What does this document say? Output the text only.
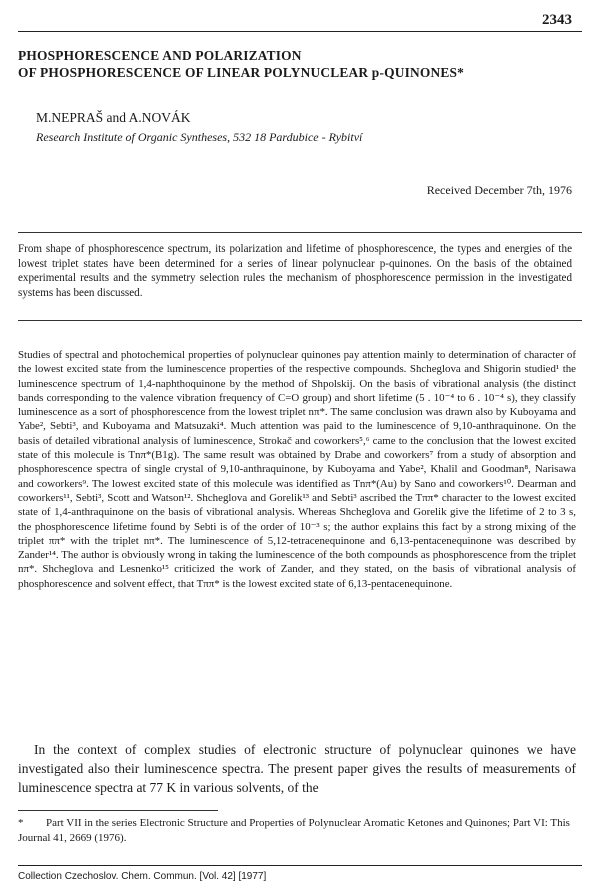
2343
PHOSPHORESCENCE AND POLARIZATION
OF PHOSPHORESCENCE OF LINEAR POLYNUCLEAR p-QUINONES*
M.NEPRAŠ and A.NOVÁK
Research Institute of Organic Syntheses, 532 18 Pardubice - Rybitví
Received December 7th, 1976

From shape of phosphorescence spectrum, its polarization and lifetime of phosphorescence, the types and energies of the lowest triplet states have been determined for a series of linear polynuclear p-quinones. On the basis of the obtained experimental results and the symmetry selection rules the mechanism of phosphorescence permission in the investigated systems has been discussed.

Studies of spectral and photochemical properties of polynuclear quinones pay attention mainly to determination of character of the lowest excited state from the luminescence properties of the respective compounds. Shcheglova and Shigorin studied¹ the luminescence spectrum of 1,4-naphthoquinone by the method of Shpolskij. On the basis of vibrational analysis (the distinct bands corresponding to the valence vibration frequency of C=O group) and short lifetime (5 . 10⁻⁴ to 6 . 10⁻⁴ s), they classify luminescence as a sort of phosphorescence from the lowest triplet nπ*. The same conclusion was drawn also by Kuboyama and Yabe², Sebti³, and Kuboyama and Matsuzaki⁴. Much attention was paid to the luminescence of 9,10-anthraquinone. On the basis of detailed vibrational analysis of luminescence, Strokač and coworkers⁵,⁶ came to the conclusion that the lowest excited state of this molecule is Tnπ*(B1g). The same result was obtained by Drabe and coworkers⁷ from a study of absorption and phosphorescence spectra of single crystal of 9,10-anthraquinone, by Kuboyama and Yabe², Khalil and Goodman⁸, Narisawa and coworkers⁹. The lowest excited state of this molecule was identified as Tnπ*(Au) by Sano and coworkers¹⁰. Dearman and coworkers¹¹, Sebti³, Scott and Watson¹². Shcheglova and Gorelik¹³ and Sebti³ ascribed the Tππ* character to the lowest excited state of 1,4-anthraquinone on the basis of vibrational analysis. Whereas Shcheglova and Gorelik give the lifetime of 2 to 3 s, the phosphorescence lifetime found by Sebti is of the order of 10⁻³ s; the author explains this fact by a strong mixing of the triplet ππ* with the triplet nπ*. The luminescence of 5,12-tetracenequinone and 6,13-pentacenequinone was described by Zander¹⁴. The author is obviously wrong in taking the luminescence of the both compounds as phosphorescence from the triplet nπ*. Shcheglova and Lesnenko¹⁵ criticized the work of Zander, and they stated, on the basis of vibrational analysis of phosphorescence and solvent effect, that Tππ* is the lowest excited state of 6,13-pentacenequinone.

In the context of complex studies of electronic structure of polynuclear quinones we have investigated also their luminescence spectra. The present paper gives the results of measurements of luminescence spectra at 77 K in various solvents, of the

* Part VII in the series Electronic Structure and Properties of Polynuclear Aromatic Ketones and Quinones; Part VI: This Journal 41, 2669 (1976).

Collection Czechoslov. Chem. Commun. [Vol. 42] [1977]
